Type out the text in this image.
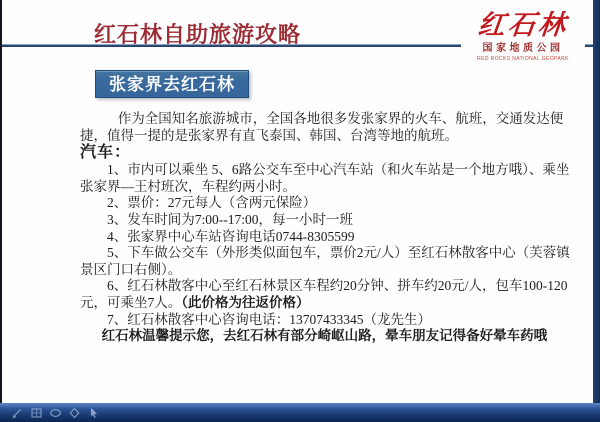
红石林自助旅游攻略	红石林
国家地质公园
RED ROCKS NATIONAL GEOPARK
张家界去红石林

作为全国知名旅游城市，全国各地很多发张家界的火车、航班，交通发达便捷，值得一提的是张家界有直飞泰国、韩国、台湾等地的航班。

汽车：

1、市内可以乘坐 5、6路公交车至中心汽车站（和火车站是一个地方哦）、乘坐张家界—王村班次，车程约两小时。

2、票价：27元每人（含两元保险）

3、发车时间为7:00--17:00，每一小时一班

4、张家界中心车站咨询电话0744-8305599

5、下车做公交车（外形类似面包车，票价2元/人）至红石林散客中心（芙蓉镇景区门口右侧）。

6、红石林散客中心至红石林景区车程约20分钟、拼车约20元/人，包车100-120元，可乘坐7人。（此价格为往返价格）

7、红石林散客中心咨询电话：13707433345（龙先生）

红石林温馨提示您，去红石林有部分崎岖山路，晕车朋友记得备好晕车药哦
